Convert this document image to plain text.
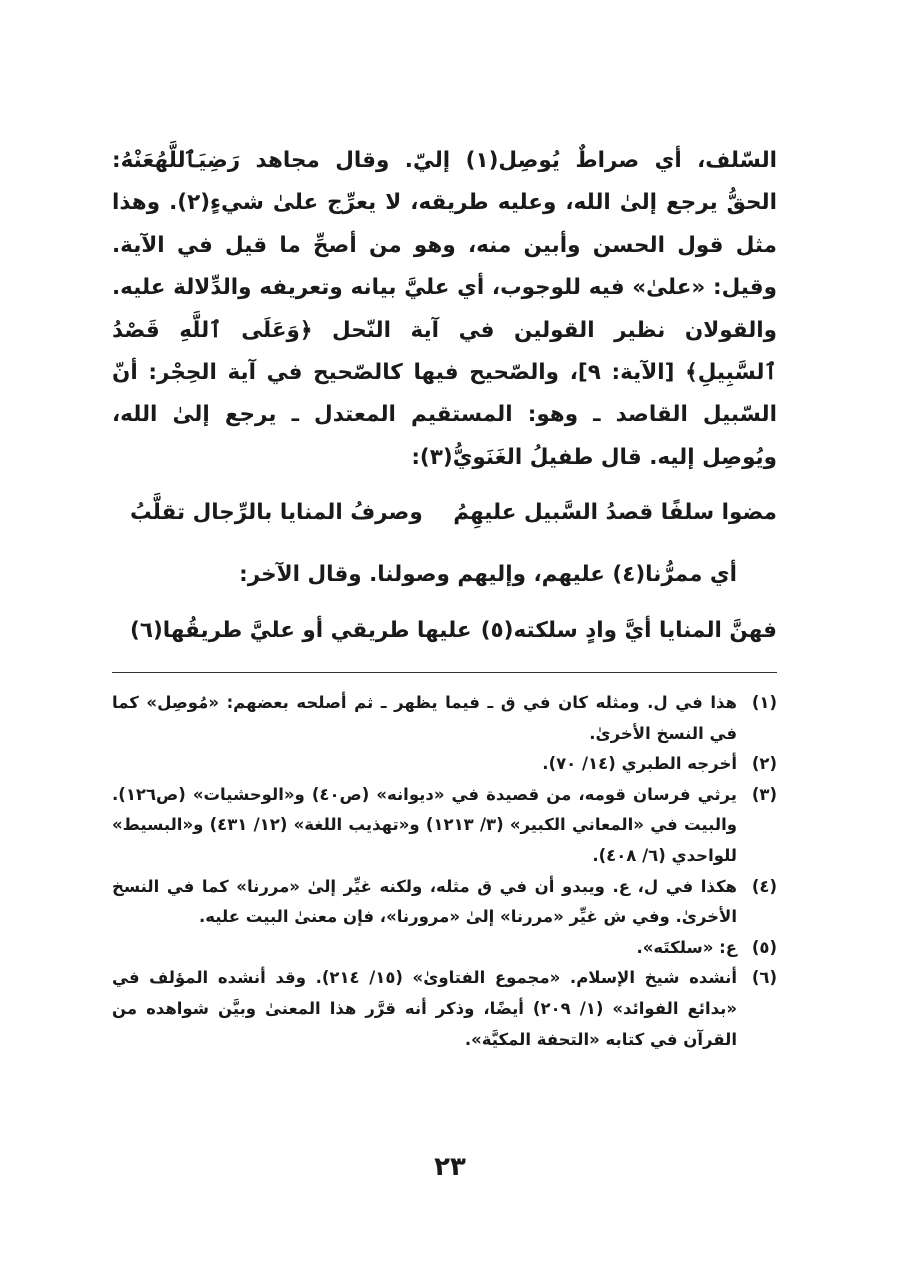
السّلف، أي صراطٌ يُوصِل(١) إليّ. وقال مجاهد رَضِيَٱللَّهُعَنْهُ: الحقُّ يرجع إلىٰ الله، وعليه طريقه، لا يعرِّج علىٰ شيءٍ(٢). وهذا مثل قول الحسن وأبين منه، وهو من أصحِّ ما قيل في الآية. وقيل: «علىٰ» فيه للوجوب، أي عليَّ بيانه وتعريفه والدِّلالة عليه. والقولان نظير القولين في آية النّحل ﴿وَعَلَى ٱللَّهِ قَصْدُ ٱلسَّبِيلِ﴾ [الآية: ٩]، والصّحيح فيها كالصّحيح في آية الحِجْر: أنّ السّبيل القاصد ـ وهو: المستقيم المعتدل ـ يرجع إلىٰ الله، ويُوصِل إليه. قال طفيلُ الغَنَويُّ(٣):

مضوا سلفًا قصدُ السَّبيل عليهِمُ
وصرفُ المنايا بالرِّجال تقلَّبُ
أي ممرُّنا(٤) عليهم، وإليهم وصولنا. وقال الآخر:
فهنَّ المنايا أيَّ وادٍ سلكته(٥)
عليها طريقي أو عليَّ طريقُها(٦)

(١)
هذا في ل. ومثله كان في ق ـ فيما يظهر ـ ثم أصلحه بعضهم: «مُوصِل» كما في النسخ الأخرىٰ.

(٢)
أخرجه الطبري (١٤/ ٧٠).

(٣)
يرثي فرسان قومه، من قصيدة في «ديوانه» (ص٤٠) و«الوحشيات» (ص١٢٦). والبيت في «المعاني الكبير» (٣/ ١٢١٣) و«تهذيب اللغة» (١٢/ ٤٣١) و«البسيط» للواحدي (٦/ ٤٠٨).

(٤)
هكذا في ل، ع. ويبدو أن في ق مثله، ولكنه غيِّر إلىٰ «مررنا» كما في النسخ الأخرىٰ. وفي ش غيِّر «مررنا» إلىٰ «مرورنا»، فإن معنىٰ البيت عليه.

(٥)
ع: «سلكتَه».

(٦)
أنشده شيخ الإسلام. «مجموع الفتاوىٰ» (١٥/ ٢١٤). وقد أنشده المؤلف في «بدائع الفوائد» (١/ ٢٠٩) أيضًا، وذكر أنه قرَّر هذا المعنىٰ وبيَّن شواهده من القرآن في كتابه «التحفة المكيَّة».

٢٣
